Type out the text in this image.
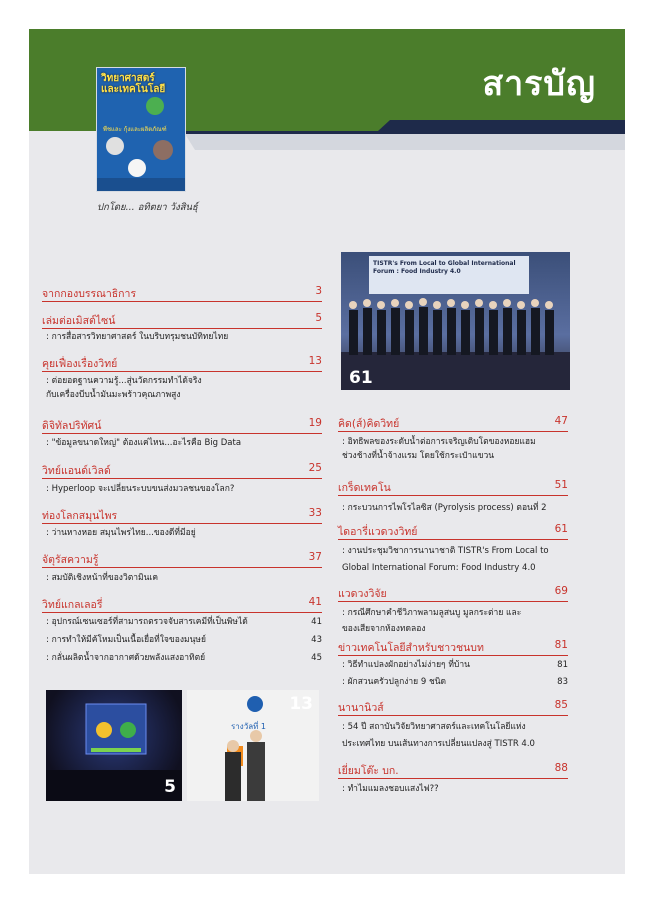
สารบัญ
วิทยาศาสตร์
และเทคโนโลยี
พืชและ กุ้งและผลิตภัณฑ์
ปกโดย... อทิตยา วังสินธุ์
จากกองบรรณาธิการ	3
เล่มต่อเมิสต์ไซน์	5
: การสื่อสารวิทยาศาสตร์ ในบริบทรุมชนบัทิทยไทย
คุยเฟื่องเรื่องวิทย์	13
: ต่อยอดฐานความรู้...สู่นวัตกรรมทำได้จริง
กับเครื่องบีบน้ำมันมะพร้าวคุณภาพสูง
ดิจิทัลปริทัศน์	19
: "ข้อมูลขนาดใหญ่" ต้องแค่ไหน...อะไรคือ Big Data
วิทย์แอนด์เวิลด์	25
: Hyperloop จะเปลี่ยนระบบขนส่งมวลชนของโลก?
ท่องโลกสมุนไพร	33
: ว่านหางหอย สมุนไพรไทย...ของดีที่มีอยู่
จัตุรัสความรู้	37
: สมบัติเชิงหน้าที่ของวิตามินเค
วิทย์แกลเลอรี่	41
: อุปกรณ์เซนเซอร์ที่สามารถตรวจจับสารเคมีที่เป็นพิษได้	41
: การทำให้มีค้โหมเป็นเนื้อเยื่อที่ใจของมนุษย์	43
: กลั่นผลิตน้ำจากอากาศด้วยพลังแสงอาทิตย์	45
TISTR's From Local to Global International Forum : Food Industry 4.0
61
คิด(ส์)คิดวิทย์	47
: อิทธิพลของระดับน้ำต่อการเจริญเติบโตของหอยแฮม
ช่วงช้างที่น้ำจ้างแรม โดยใช้กระเป๋าแขวน
เกร็ดเทคโน	51
: กระบวนการไพโรไลซิส (Pyrolysis process) ตอนที่ 2
ไดอารี่แวดวงวิทย์	61
: งานประชุมวิชาการนานาชาติ TISTR's From Local to
Global International Forum: Food Industry 4.0
แวดวงวิจัย	69
: กรณีศึกษาคำชีวิภาพลามลูสนบู มูลกระต่าย และ
ของเสียจากห้องทดลอง
ข่าวเทคโนโลยีสำหรับชาวชนบท	81
: วิธีทำแปลงผักอย่างไม่ง่ายๆ ที่บ้าน	81
: ผักสวนครัวปลูกง่าย 9 ชนิด	83
นานานิวส์	85
: 54 ปี สถาบันวิจัยวิทยาศาสตร์และเทคโนโลยีแห่ง
ประเทศไทย บนเส้นทางการเปลี่ยนแปลงสู่ TISTR 4.0
เยี่ยมโต๊ะ บก.	88
: ทำไมแมลงชอบแสงไฟ??
5
รางวัลที่ 1
13
